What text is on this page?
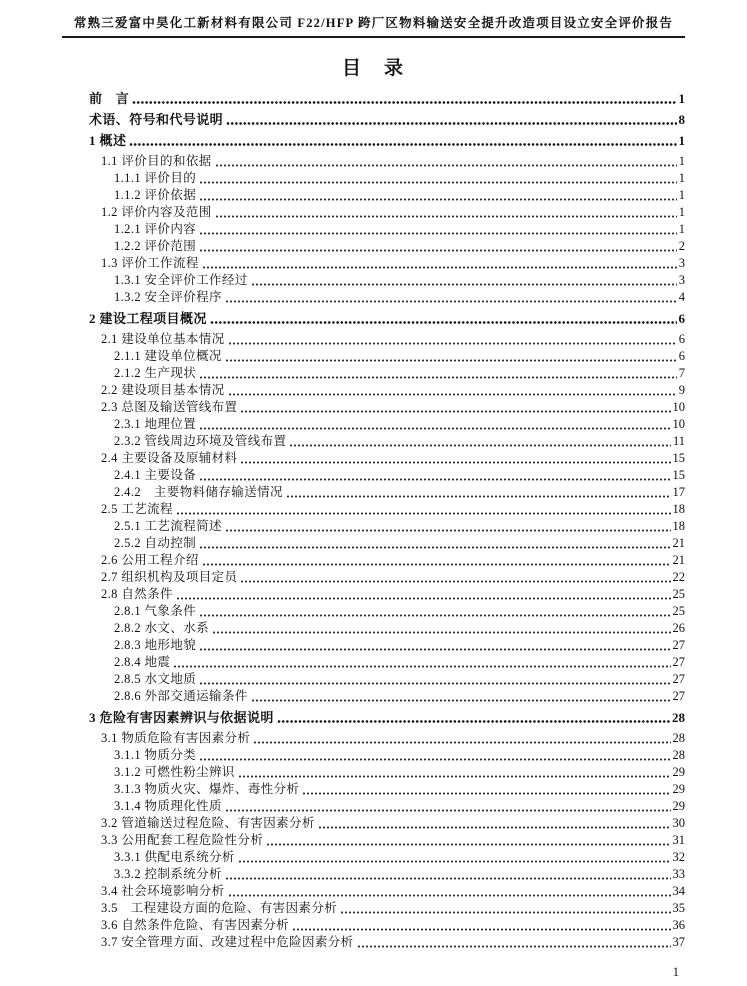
常熟三爱富中昊化工新材料有限公司 F22/HFP 跨厂区物料输送安全提升改造项目设立安全评价报告
目　录
前　言	1
术语、符号和代号说明	8
1 概述	1
1.1 评价目的和依据	1
1.1.1 评价目的	1
1.1.2 评价依据	1
1.2 评价内容及范围	1
1.2.1 评价内容	1
1.2.2 评价范围	2
1.3 评价工作流程	3
1.3.1 安全评价工作经过	3
1.3.2 安全评价程序	4
2 建设工程项目概况	6
2.1 建设单位基本情况	6
2.1.1 建设单位概况	6
2.1.2 生产现状	7
2.2 建设项目基本情况	9
2.3 总图及输送管线布置	10
2.3.1 地理位置	10
2.3.2 管线周边环境及管线布置	11
2.4 主要设备及原辅材料	15
2.4.1 主要设备	15
2.4.2　主要物料储存输送情况	17
2.5 工艺流程	18
2.5.1 工艺流程简述	18
2.5.2 自动控制	21
2.6 公用工程介绍	21
2.7 组织机构及项目定员	22
2.8 自然条件	25
2.8.1 气象条件	25
2.8.2 水文、水系	26
2.8.3 地形地貌	27
2.8.4 地震	27
2.8.5 水文地质	27
2.8.6 外部交通运输条件	27
3 危险有害因素辨识与依据说明	28
3.1 物质危险有害因素分析	28
3.1.1 物质分类	28
3.1.2 可燃性粉尘辨识	29
3.1.3 物质火灾、爆炸、毒性分析	29
3.1.4 物质理化性质	29
3.2 管道输送过程危险、有害因素分析	30
3.3 公用配套工程危险性分析	31
3.3.1 供配电系统分析	32
3.3.2 控制系统分析	33
3.4 社会环境影响分析	34
3.5　工程建设方面的危险、有害因素分析	35
3.6 自然条件危险、有害因素分析	36
3.7 安全管理方面、改建过程中危险因素分析	37
1
